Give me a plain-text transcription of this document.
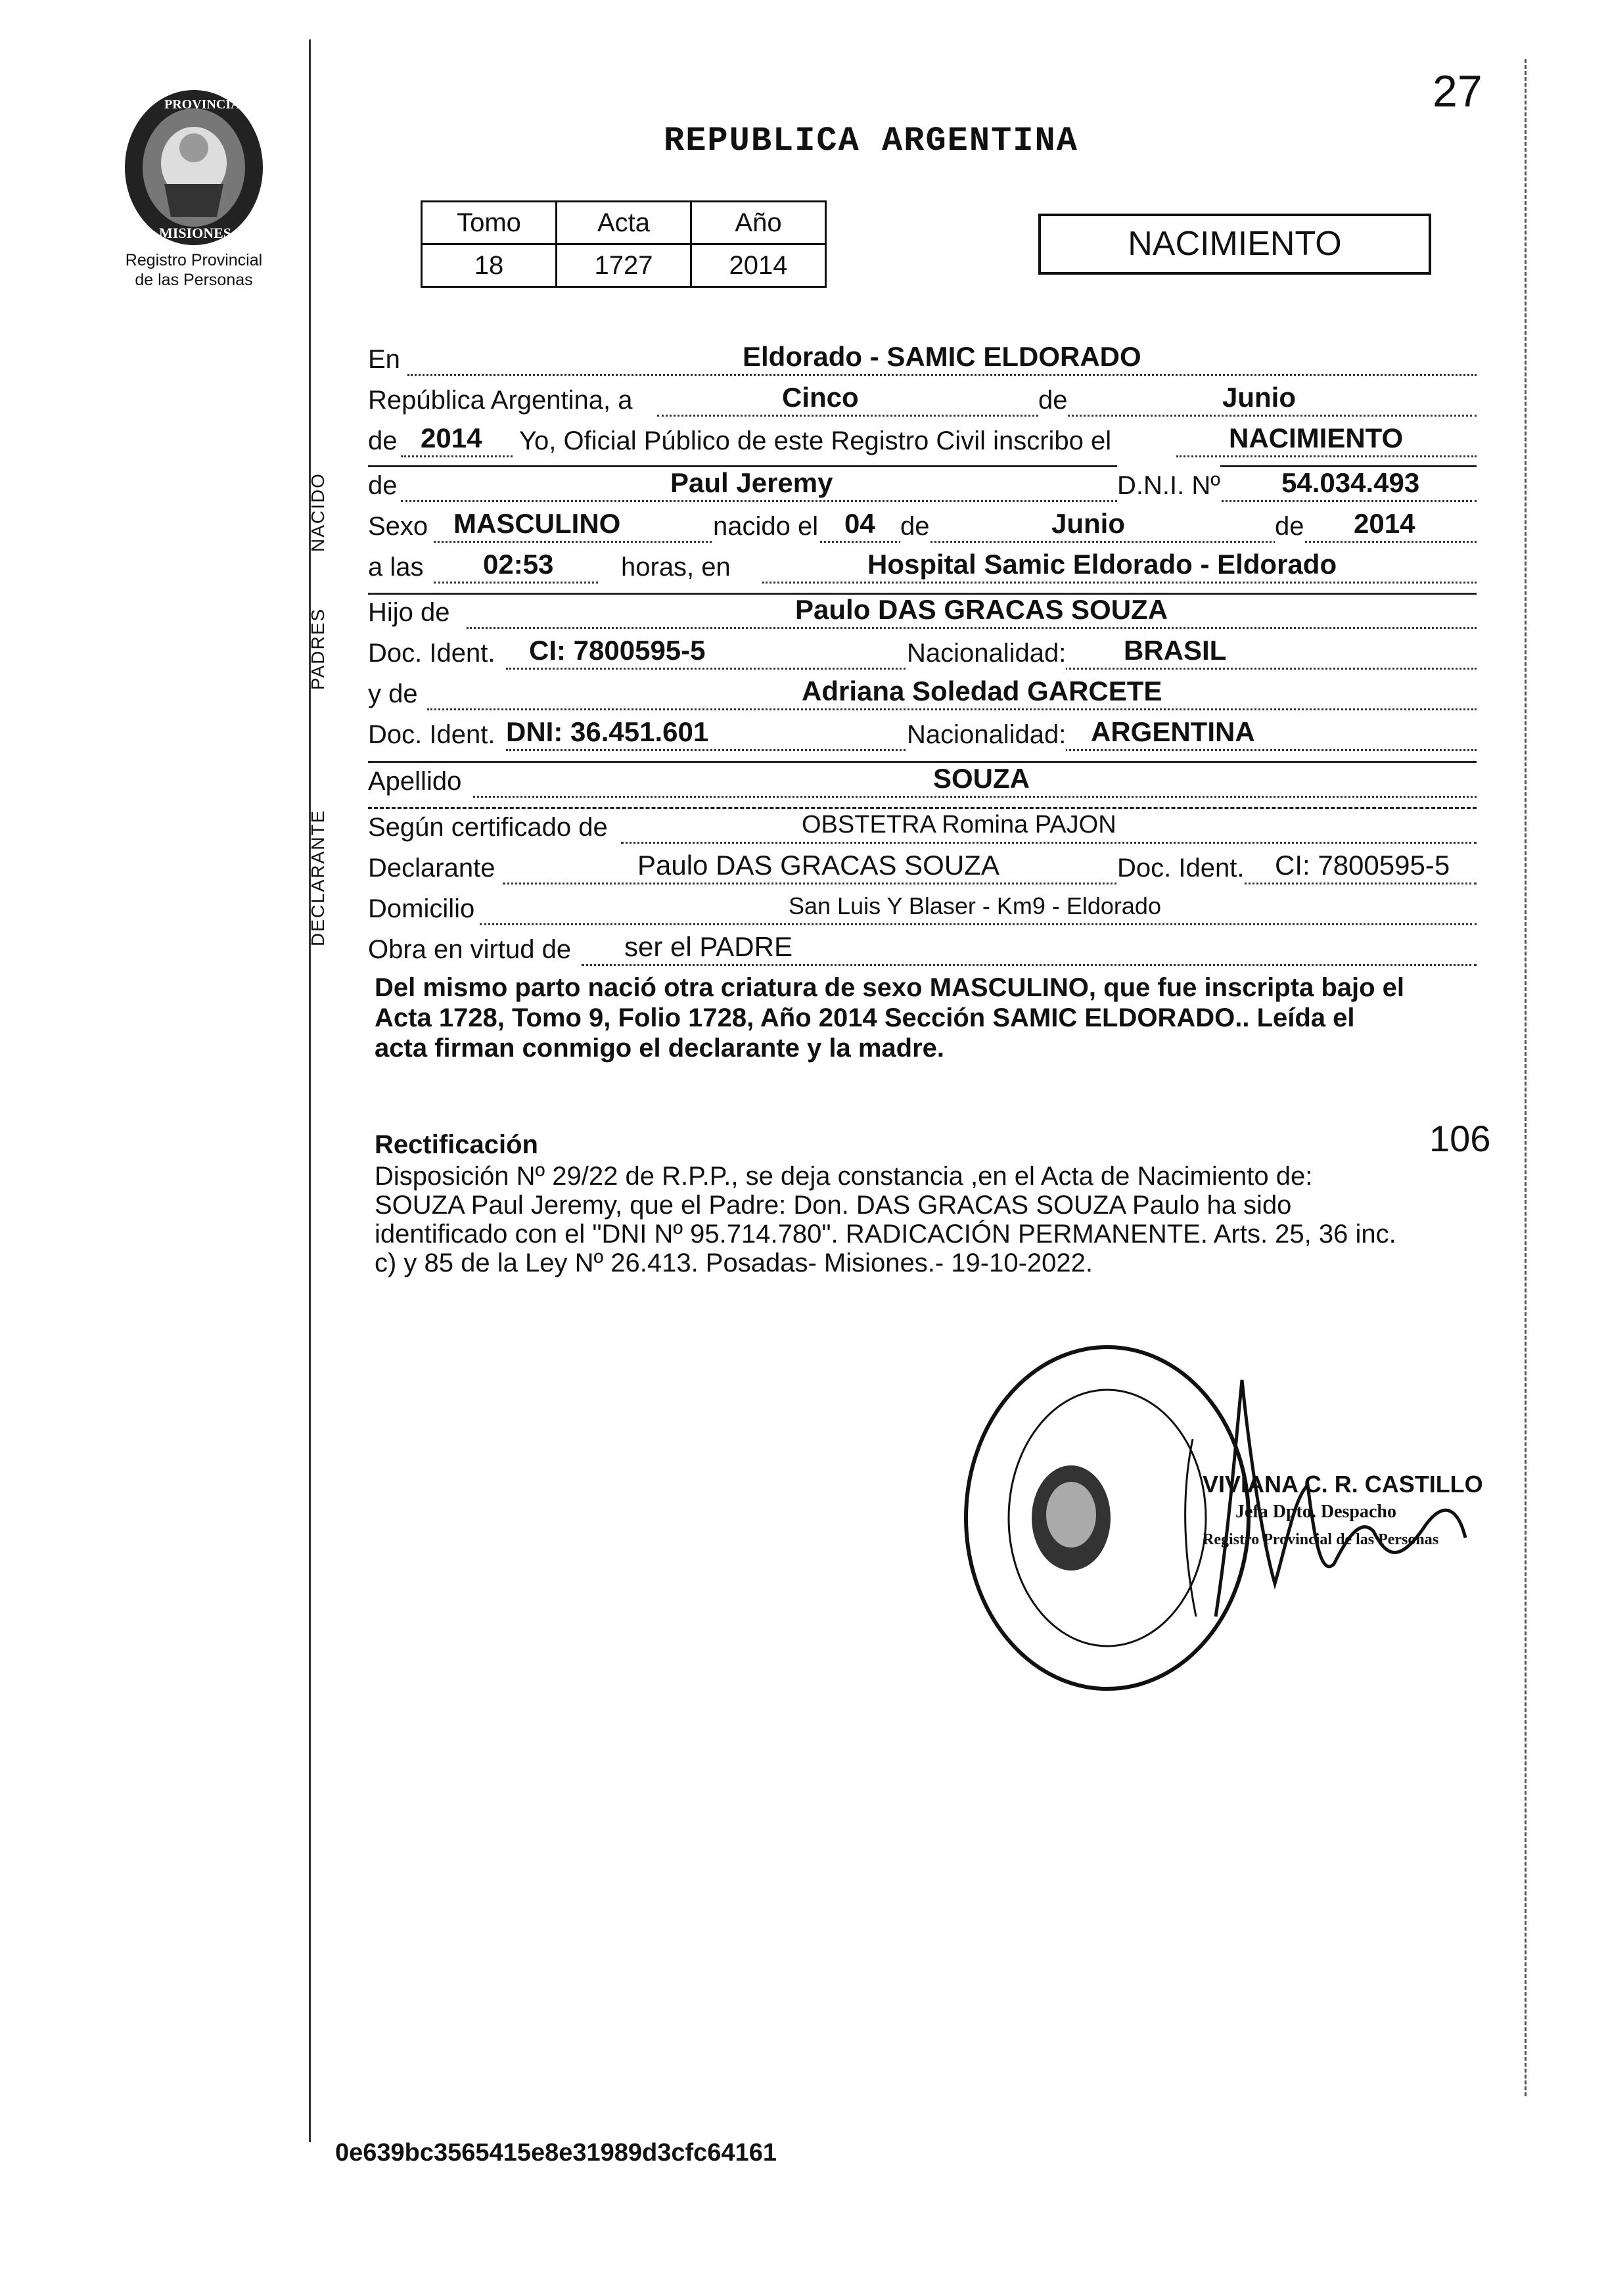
PROVINCIA DE
MISIONES
Registro Provincial
de las Personas
27
REPUBLICA ARGENTINA
Tomo	Acta	Año
18	1727	2014
NACIMIENTO
En	Eldorado - SAMIC ELDORADO
República Argentina, a	Cinco	de	Junio
de 2014 Yo, Oficial Público de este Registro Civil inscribo el	NACIMIENTO
NACIDO de	Paul Jeremy	D.N.I. Nº 54.034.493
Sexo MASCULINO	nacido el 04 de	Junio	de 2014
a las 02:53	horas, en	Hospital Samic Eldorado - Eldorado
PADRES Hijo de	Paulo DAS GRACAS SOUZA
Doc. Ident. CI: 7800595-5	Nacionalidad: BRASIL
y de	Adriana Soledad GARCETE
Doc. Ident. DNI: 36.451.601	Nacionalidad: ARGENTINA
Apellido	SOUZA
DECLARANTE Según certificado de	OBSTETRA Romina PAJON
Declarante	Paulo DAS GRACAS SOUZA	Doc. Ident. CI: 7800595-5
Domicilio	San Luis Y Blaser - Km9 - Eldorado
Obra en virtud de ser el PADRE
Del mismo parto nació otra criatura de sexo MASCULINO, que fue inscripta bajo el
Acta 1728, Tomo 9, Folio 1728, Año 2014 Sección SAMIC ELDORADO.. Leída el
acta firman conmigo el declarante y la madre.
Rectificación	106
Disposición Nº 29/22 de R.P.P., se deja constancia ,en el Acta de Nacimiento de:
SOUZA Paul Jeremy, que el Padre: Don. DAS GRACAS SOUZA Paulo ha sido
identificado con el "DNI Nº 95.714.780". RADICACIÓN PERMANENTE. Arts. 25, 36 inc.
c) y 85 de la Ley Nº 26.413. Posadas- Misiones.- 19-10-2022.
VIVIANA C. R. CASTILLO
Jefa Dpto. Despacho
Registro Provincial de las Personas
0e639bc3565415e8e31989d3cfc64161
